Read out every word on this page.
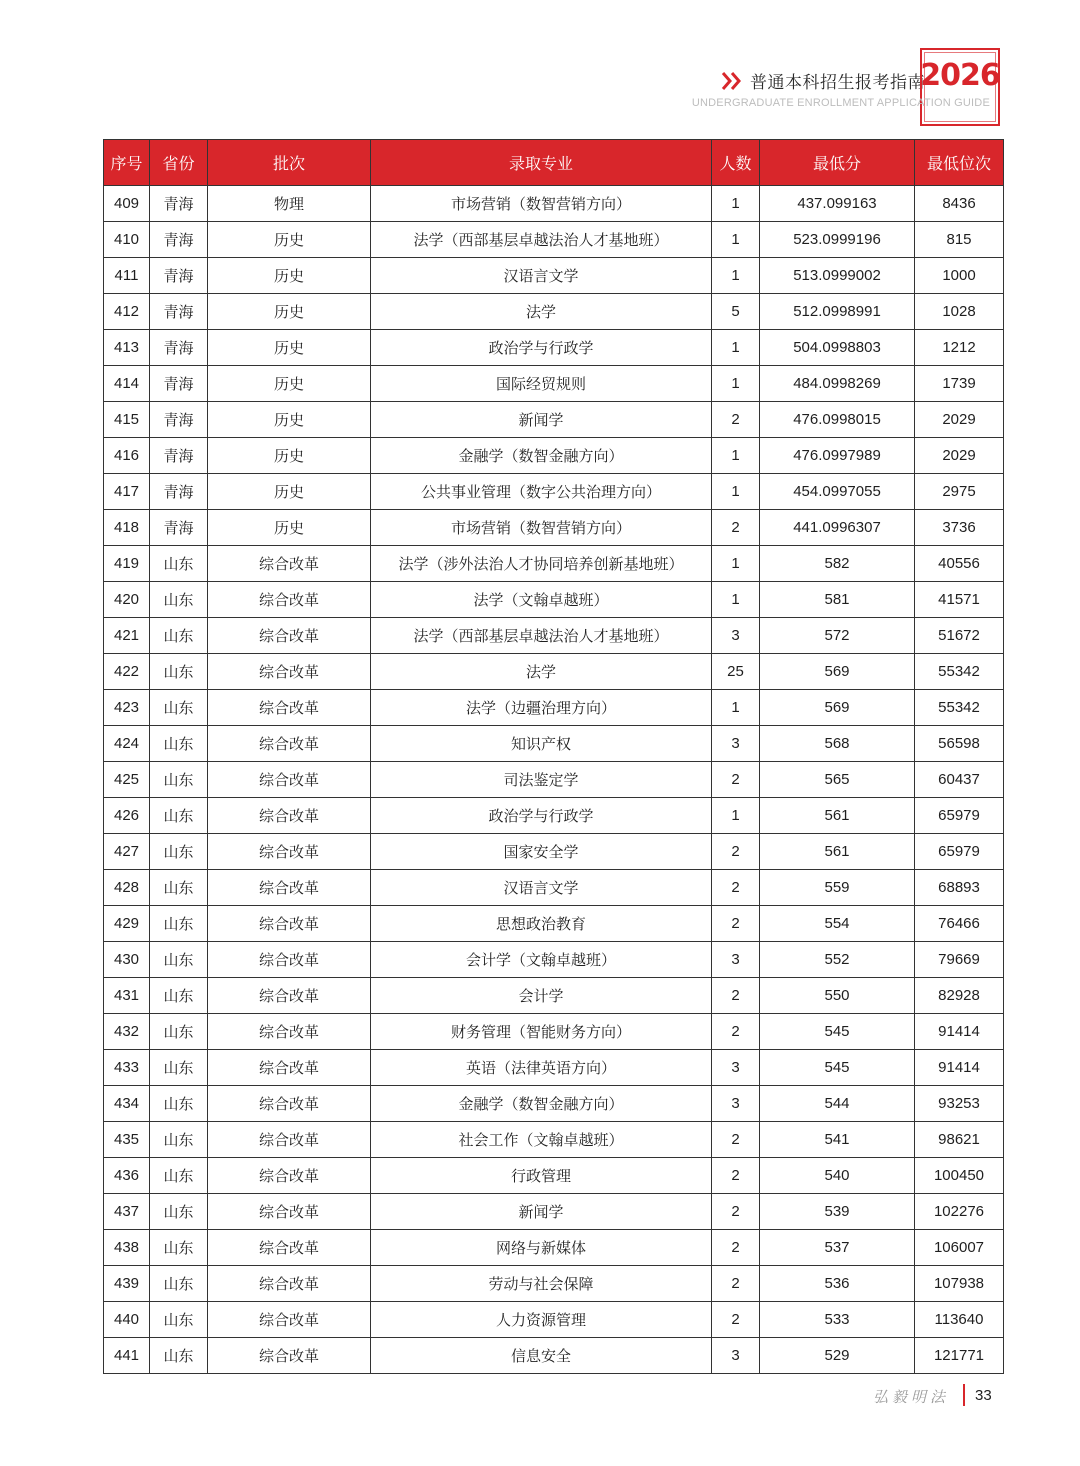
普通本科招生报考指南
2026
UNDERGRADUATE ENROLLMENT APPLICATION GUIDE
序号	省份	批次	录取专业	人数	最低分	最低位次
409	青海	物理	市场营销（数智营销方向）	1	437.099163	8436
410	青海	历史	法学（西部基层卓越法治人才基地班）	1	523.0999196	815
411	青海	历史	汉语言文学	1	513.0999002	1000
412	青海	历史	法学	5	512.0998991	1028
413	青海	历史	政治学与行政学	1	504.0998803	1212
414	青海	历史	国际经贸规则	1	484.0998269	1739
415	青海	历史	新闻学	2	476.0998015	2029
416	青海	历史	金融学（数智金融方向）	1	476.0997989	2029
417	青海	历史	公共事业管理（数字公共治理方向）	1	454.0997055	2975
418	青海	历史	市场营销（数智营销方向）	2	441.0996307	3736
419	山东	综合改革	法学（涉外法治人才协同培养创新基地班）	1	582	40556
420	山东	综合改革	法学（文翰卓越班）	1	581	41571
421	山东	综合改革	法学（西部基层卓越法治人才基地班）	3	572	51672
422	山东	综合改革	法学	25	569	55342
423	山东	综合改革	法学（边疆治理方向）	1	569	55342
424	山东	综合改革	知识产权	3	568	56598
425	山东	综合改革	司法鉴定学	2	565	60437
426	山东	综合改革	政治学与行政学	1	561	65979
427	山东	综合改革	国家安全学	2	561	65979
428	山东	综合改革	汉语言文学	2	559	68893
429	山东	综合改革	思想政治教育	2	554	76466
430	山东	综合改革	会计学（文翰卓越班）	3	552	79669
431	山东	综合改革	会计学	2	550	82928
432	山东	综合改革	财务管理（智能财务方向）	2	545	91414
433	山东	综合改革	英语（法律英语方向）	3	545	91414
434	山东	综合改革	金融学（数智金融方向）	3	544	93253
435	山东	综合改革	社会工作（文翰卓越班）	2	541	98621
436	山东	综合改革	行政管理	2	540	100450
437	山东	综合改革	新闻学	2	539	102276
438	山东	综合改革	网络与新媒体	2	537	106007
439	山东	综合改革	劳动与社会保障	2	536	107938
440	山东	综合改革	人力资源管理	2	533	113640
441	山东	综合改革	信息安全	3	529	121771
弘毅明法 33
